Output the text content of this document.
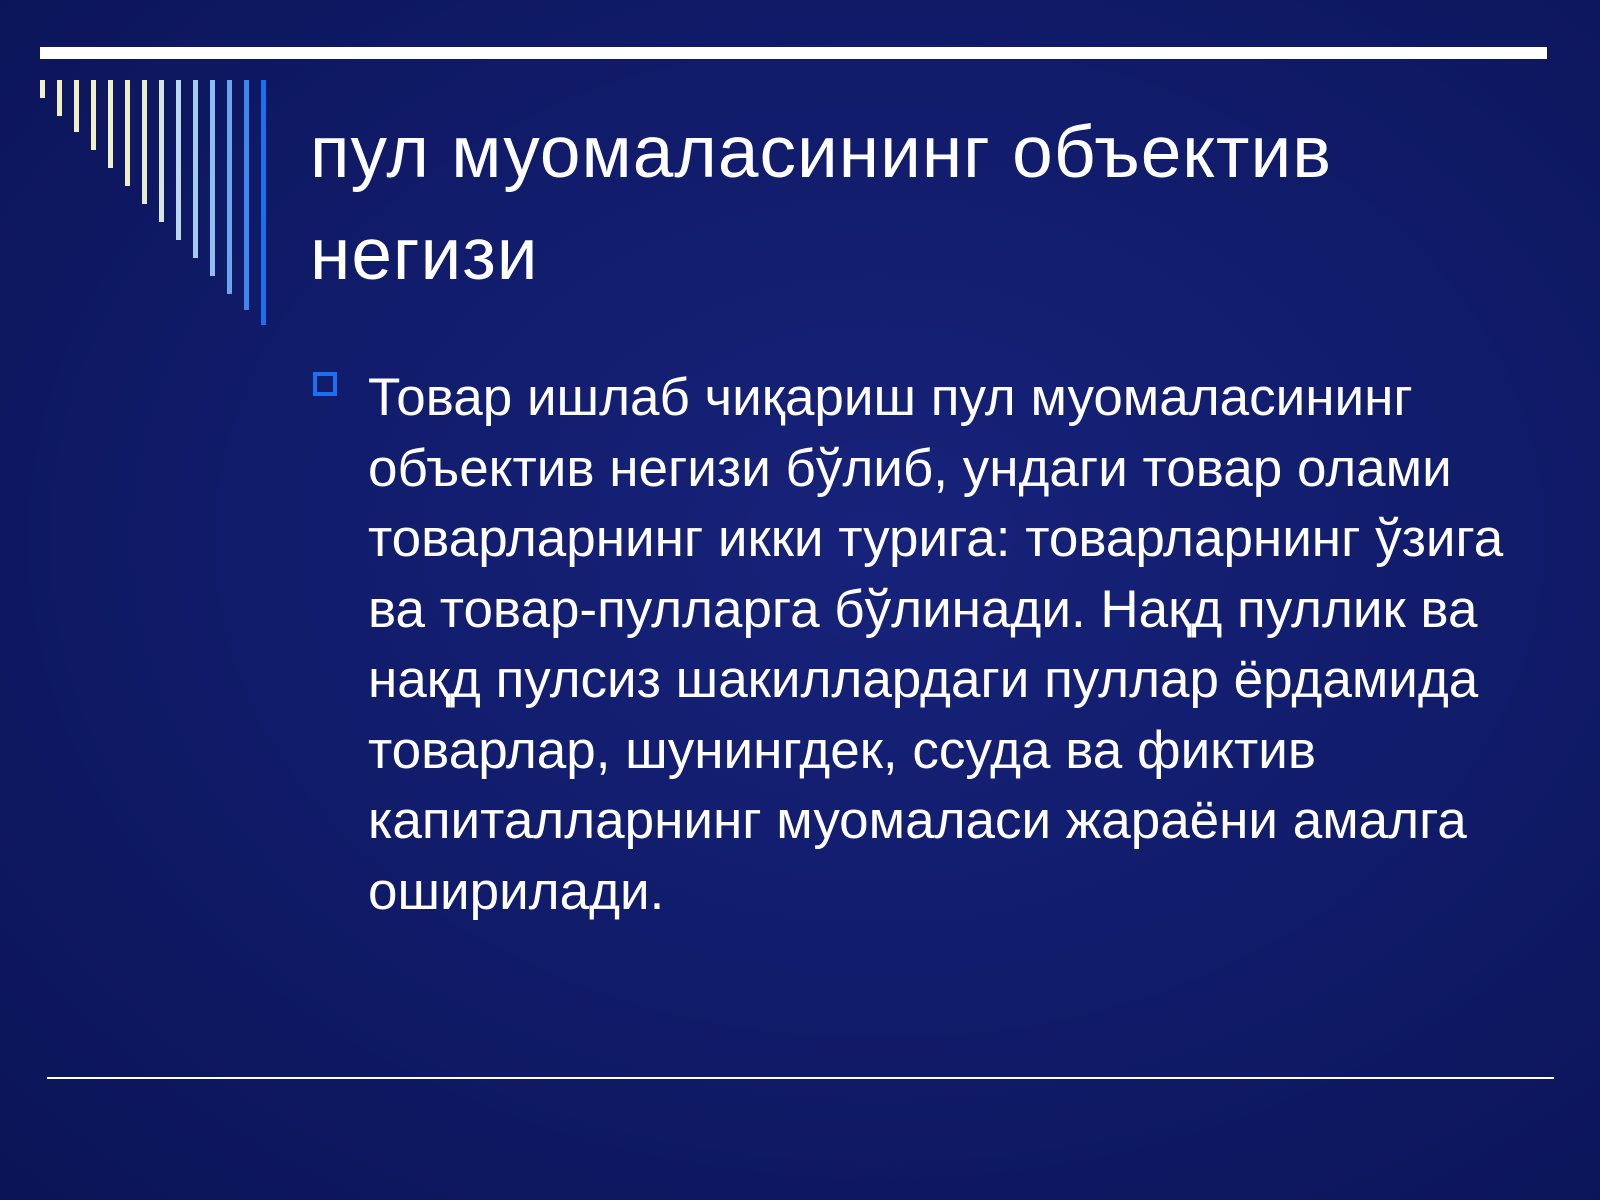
пул муомаласининг объектив негизи

Товар ишлаб чиқариш пул муомаласининг объектив негизи бўлиб, ундаги товар олами товарларнинг икки турига: товарларнинг ўзига ва товар-пулларга бўлинади. Нақд пуллик ва нақд пулсиз шакиллардаги пуллар ёрдамида товарлар, шунингдек, ссуда ва фиктив капиталларнинг муомаласи жараёни амалга оширилади.
